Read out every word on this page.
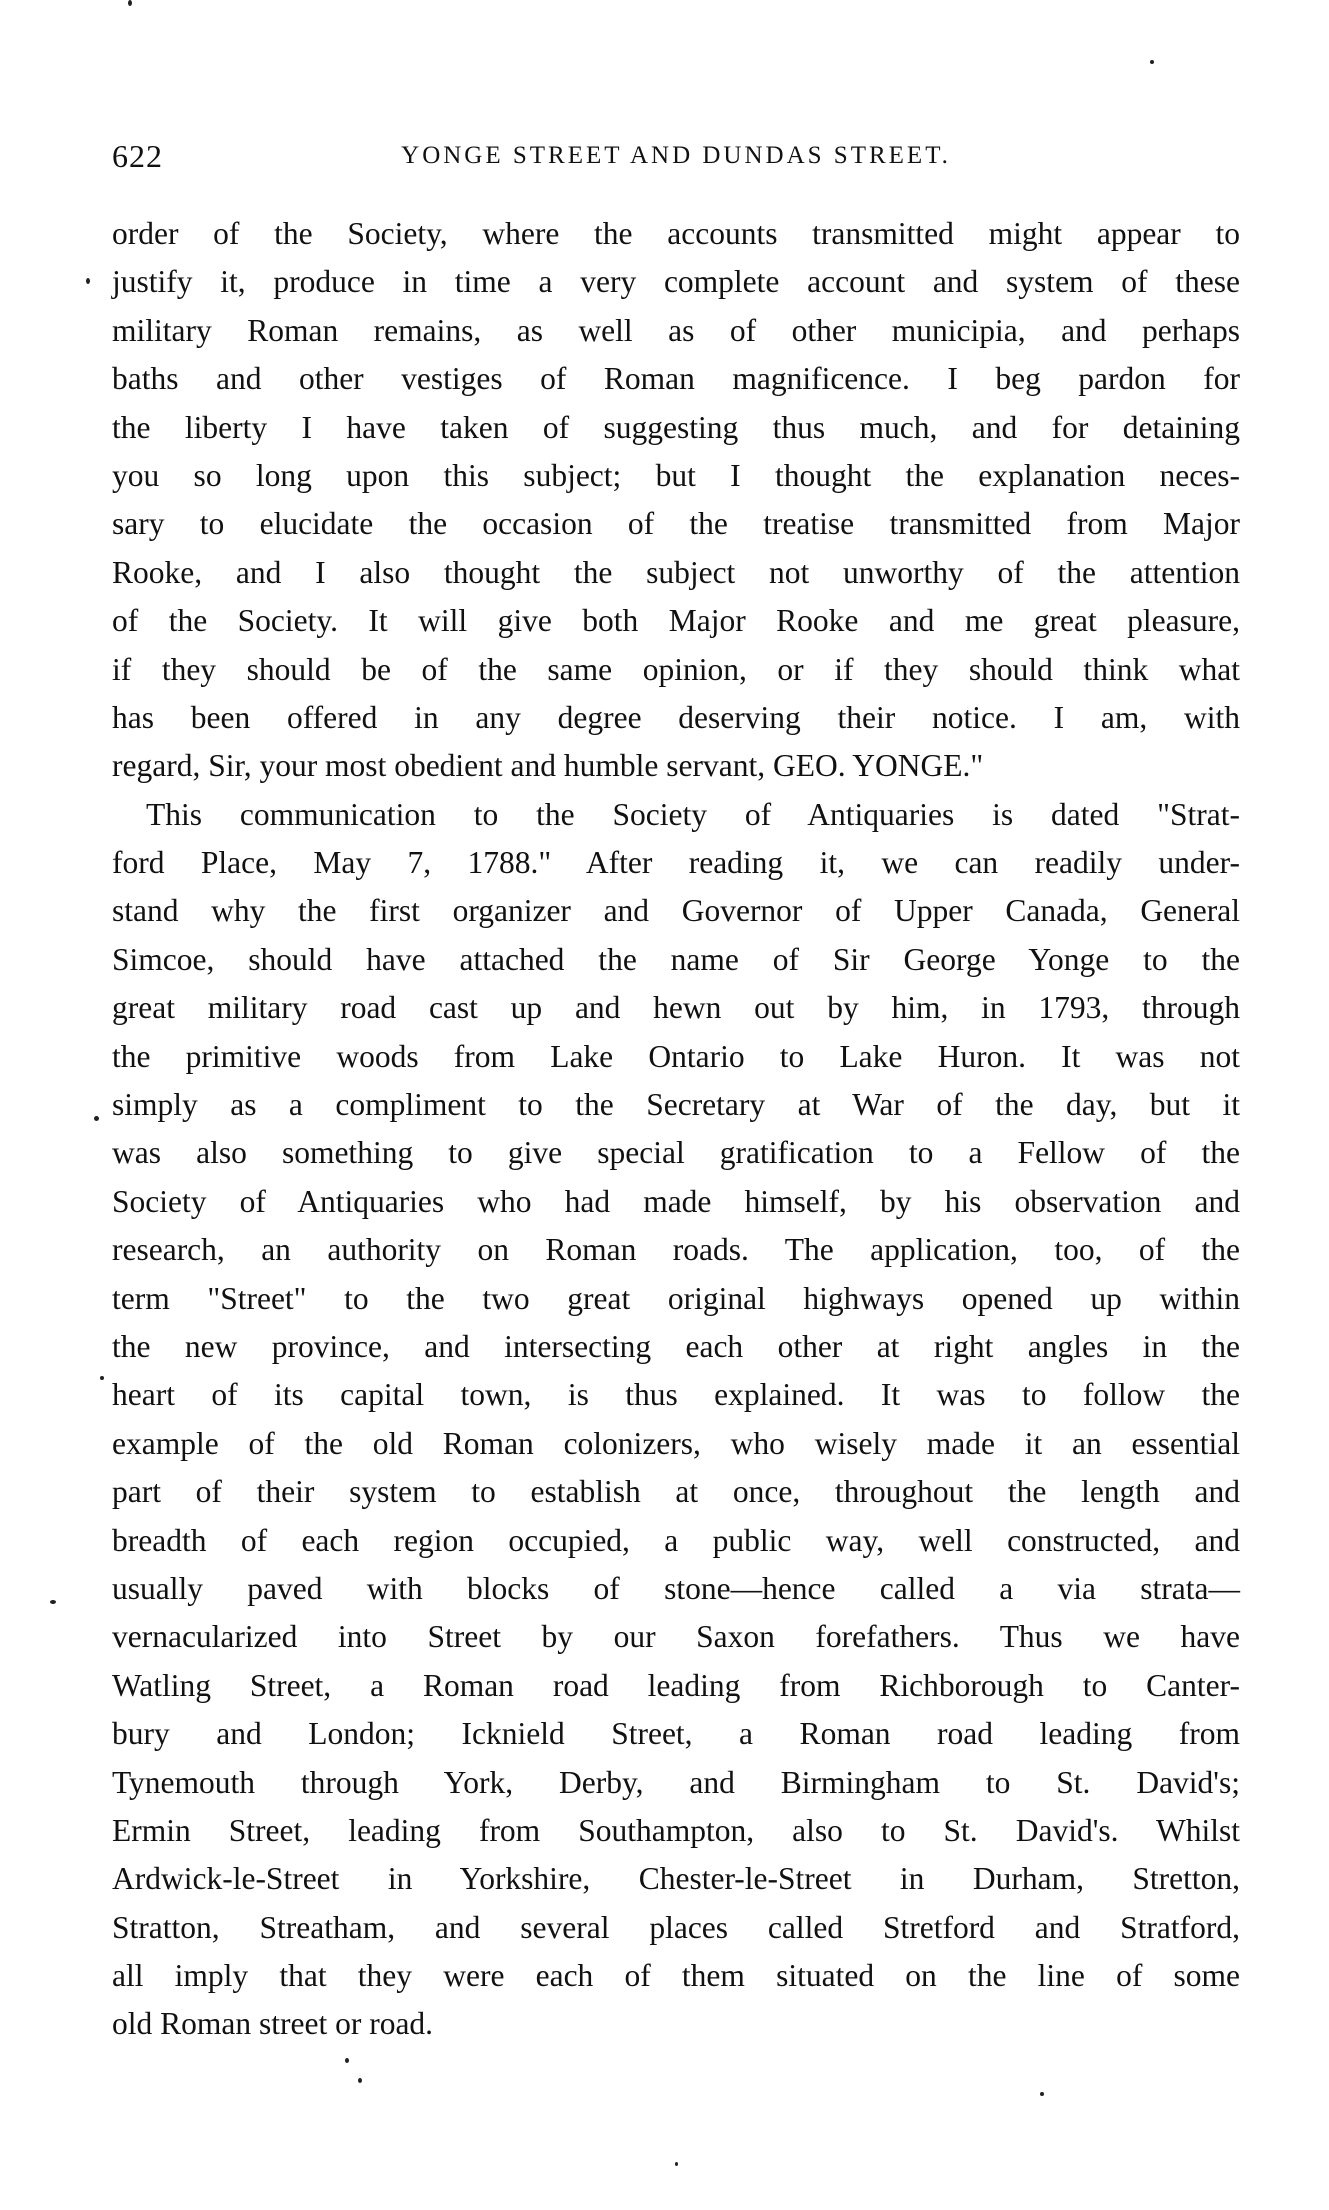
622	YONGE STREET AND DUNDAS STREET.
order of the Society, where the accounts transmitted might appear to
justify it, produce in time a very complete account and system of these
military Roman remains, as well as of other municipia, and perhaps
baths and other vestiges of Roman magnificence. I beg pardon for
the liberty I have taken of suggesting thus much, and for detaining
you so long upon this subject; but I thought the explanation neces-
sary to elucidate the occasion of the treatise transmitted from Major
Rooke, and I also thought the subject not unworthy of the attention
of the Society. It will give both Major Rooke and me great pleasure,
if they should be of the same opinion, or if they should think what
has been offered in any degree deserving their notice. I am, with
regard, Sir, your most obedient and humble servant, GEO. YONGE."
This communication to the Society of Antiquaries is dated "Strat-
ford Place, May 7, 1788." After reading it, we can readily under-
stand why the first organizer and Governor of Upper Canada, General
Simcoe, should have attached the name of Sir George Yonge to the
great military road cast up and hewn out by him, in 1793, through
the primitive woods from Lake Ontario to Lake Huron. It was not
simply as a compliment to the Secretary at War of the day, but it
was also something to give special gratification to a Fellow of the
Society of Antiquaries who had made himself, by his observation and
research, an authority on Roman roads. The application, too, of the
term "Street" to the two great original highways opened up within
the new province, and intersecting each other at right angles in the
heart of its capital town, is thus explained. It was to follow the
example of the old Roman colonizers, who wisely made it an essential
part of their system to establish at once, throughout the length and
breadth of each region occupied, a public way, well constructed, and
usually paved with blocks of stone—hence called a via strata—
vernacularized into Street by our Saxon forefathers. Thus we have
Watling Street, a Roman road leading from Richborough to Canter-
bury and London; Icknield Street, a Roman road leading from
Tynemouth through York, Derby, and Birmingham to St. David's;
Ermin Street, leading from Southampton, also to St. David's. Whilst
Ardwick-le-Street in Yorkshire, Chester-le-Street in Durham, Stretton,
Stratton, Streatham, and several places called Stretford and Stratford,
all imply that they were each of them situated on the line of some
old Roman street or road.
